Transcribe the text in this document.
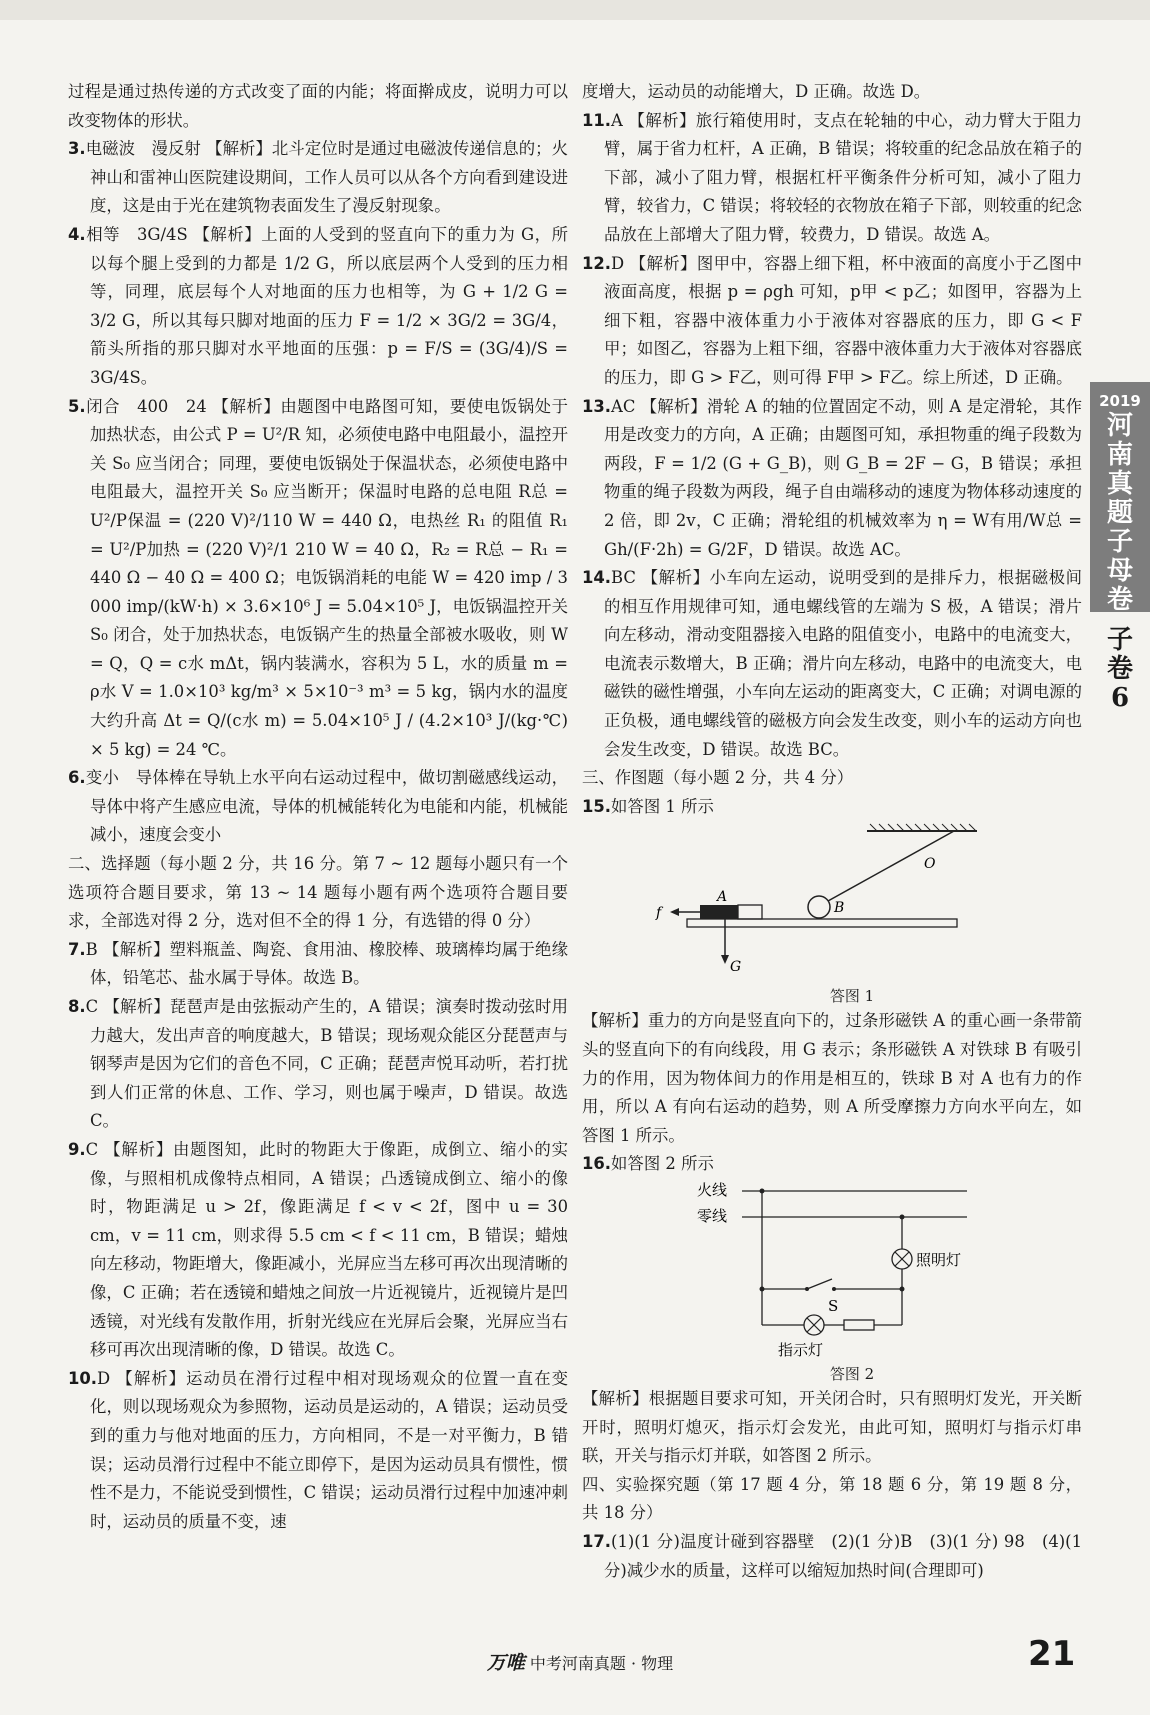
过程是通过热传递的方式改变了面的内能；将面擀成皮，说明力可以改变物体的形状。

3.电磁波　漫反射 【解析】北斗定位时是通过电磁波传递信息的；火神山和雷神山医院建设期间，工作人员可以从各个方向看到建设进度，这是由于光在建筑物表面发生了漫反射现象。

4.相等　3G/4S 【解析】上面的人受到的竖直向下的重力为 G，所以每个腿上受到的力都是 1/2 G，所以底层两个人受到的压力相等，同理，底层每个人对地面的压力也相等，为 G + 1/2 G = 3/2 G，所以其每只脚对地面的压力 F = 1/2 × 3G/2 = 3G/4，箭头所指的那只脚对水平地面的压强：p = F/S = (3G/4)/S = 3G/4S。

5.闭合　400　24 【解析】由题图中电路图可知，要使电饭锅处于加热状态，由公式 P = U²/R 知，必须使电路中电阻最小，温控开关 S₀ 应当闭合；同理，要使电饭锅处于保温状态，必须使电路中电阻最大，温控开关 S₀ 应当断开；保温时电路的总电阻 R总 = U²/P保温 = (220 V)²/110 W = 440 Ω，电热丝 R₁ 的阻值 R₁ = U²/P加热 = (220 V)²/1 210 W = 40 Ω，R₂ = R总 − R₁ = 440 Ω − 40 Ω = 400 Ω；电饭锅消耗的电能 W = 420 imp / 3 000 imp/(kW·h) × 3.6×10⁶ J = 5.04×10⁵ J，电饭锅温控开关 S₀ 闭合，处于加热状态，电饭锅产生的热量全部被水吸收，则 W = Q，Q = c水 mΔt，锅内装满水，容积为 5 L，水的质量 m = ρ水 V = 1.0×10³ kg/m³ × 5×10⁻³ m³ = 5 kg，锅内水的温度大约升高 Δt = Q/(c水 m) = 5.04×10⁵ J / (4.2×10³ J/(kg·℃) × 5 kg) = 24 ℃。

6.变小　导体棒在导轨上水平向右运动过程中，做切割磁感线运动，导体中将产生感应电流，导体的机械能转化为电能和内能，机械能减小，速度会变小

二、选择题（每小题 2 分，共 16 分。第 7 ~ 12 题每小题只有一个选项符合题目要求，第 13 ~ 14 题每小题有两个选项符合题目要求，全部选对得 2 分，选对但不全的得 1 分，有选错的得 0 分）

7.B 【解析】塑料瓶盖、陶瓷、食用油、橡胶棒、玻璃棒均属于绝缘体，铅笔芯、盐水属于导体。故选 B。

8.C 【解析】琵琶声是由弦振动产生的，A 错误；演奏时拨动弦时用力越大，发出声音的响度越大，B 错误；现场观众能区分琵琶声与钢琴声是因为它们的音色不同，C 正确；琵琶声悦耳动听，若打扰到人们正常的休息、工作、学习，则也属于噪声，D 错误。故选 C。

9.C 【解析】由题图知，此时的物距大于像距，成倒立、缩小的实像，与照相机成像特点相同，A 错误；凸透镜成倒立、缩小的像时，物距满足 u > 2f，像距满足 f < v < 2f，图中 u = 30 cm，v = 11 cm，则求得 5.5 cm < f < 11 cm，B 错误；蜡烛向左移动，物距增大，像距减小，光屏应当左移可再次出现清晰的像，C 正确；若在透镜和蜡烛之间放一片近视镜片，近视镜片是凹透镜，对光线有发散作用，折射光线应在光屏后会聚，光屏应当右移可再次出现清晰的像，D 错误。故选 C。

10.D 【解析】运动员在滑行过程中相对现场观众的位置一直在变化，则以现场观众为参照物，运动员是运动的，A 错误；运动员受到的重力与他对地面的压力，方向相同，不是一对平衡力，B 错误；运动员滑行过程中不能立即停下，是因为运动员具有惯性，惯性不是力，不能说受到惯性，C 错误；运动员滑行过程中加速冲刺时，运动员的质量不变，速

度增大，运动员的动能增大，D 正确。故选 D。

11.A 【解析】旅行箱使用时，支点在轮轴的中心，动力臂大于阻力臂，属于省力杠杆，A 正确，B 错误；将较重的纪念品放在箱子的下部，减小了阻力臂，根据杠杆平衡条件分析可知，减小了阻力臂，较省力，C 错误；将较轻的衣物放在箱子下部，则较重的纪念品放在上部增大了阻力臂，较费力，D 错误。故选 A。

12.D 【解析】图甲中，容器上细下粗，杯中液面的高度小于乙图中液面高度，根据 p = ρgh 可知，p甲 < p乙；如图甲，容器为上细下粗，容器中液体重力小于液体对容器底的压力，即 G < F甲；如图乙，容器为上粗下细，容器中液体重力大于液体对容器底的压力，即 G > F乙，则可得 F甲 > F乙。综上所述，D 正确。

13.AC 【解析】滑轮 A 的轴的位置固定不动，则 A 是定滑轮，其作用是改变力的方向，A 正确；由题图可知，承担物重的绳子段数为两段，F = 1/2 (G + G_B)，则 G_B = 2F − G，B 错误；承担物重的绳子段数为两段，绳子自由端移动的速度为物体移动速度的 2 倍，即 2v，C 正确；滑轮组的机械效率为 η = W有用/W总 = Gh/(F·2h) = G/2F，D 错误。故选 AC。

14.BC 【解析】小车向左运动，说明受到的是排斥力，根据磁极间的相互作用规律可知，通电螺线管的左端为 S 极，A 错误；滑片向左移动，滑动变阻器接入电路的阻值变小，电路中的电流变大，电流表示数增大，B 正确；滑片向左移动，电路中的电流变大，电磁铁的磁性增强，小车向左运动的距离变大，C 正确；对调电源的正负极，通电螺线管的磁极方向会发生改变，则小车的运动方向也会发生改变，D 错误。故选 BC。

三、作图题（每小题 2 分，共 4 分）

15.如答图 1 所示

O
B
A
f
G
答图 1

【解析】重力的方向是竖直向下的，过条形磁铁 A 的重心画一条带箭头的竖直向下的有向线段，用 G 表示；条形磁铁 A 对铁球 B 有吸引力的作用，因为物体间力的作用是相互的，铁球 B 对 A 也有力的作用，所以 A 有向右运动的趋势，则 A 所受摩擦力方向水平向左，如答图 1 所示。

16.如答图 2 所示

火线
零线
S
照明灯
指示灯
答图 2

【解析】根据题目要求可知，开关闭合时，只有照明灯发光，开关断开时，照明灯熄灭，指示灯会发光，由此可知，照明灯与指示灯串联，开关与指示灯并联，如答图 2 所示。

四、实验探究题（第 17 题 4 分，第 18 题 6 分，第 19 题 8 分，共 18 分）

17.(1)(1 分)温度计碰到容器壁　(2)(1 分)B　(3)(1 分) 98　(4)(1 分)减少水的质量，这样可以缩短加热时间(合理即可)

2019
河
南
真
题
子
母
卷
子
卷
6
万唯 中考河南真题 · 物理	21
